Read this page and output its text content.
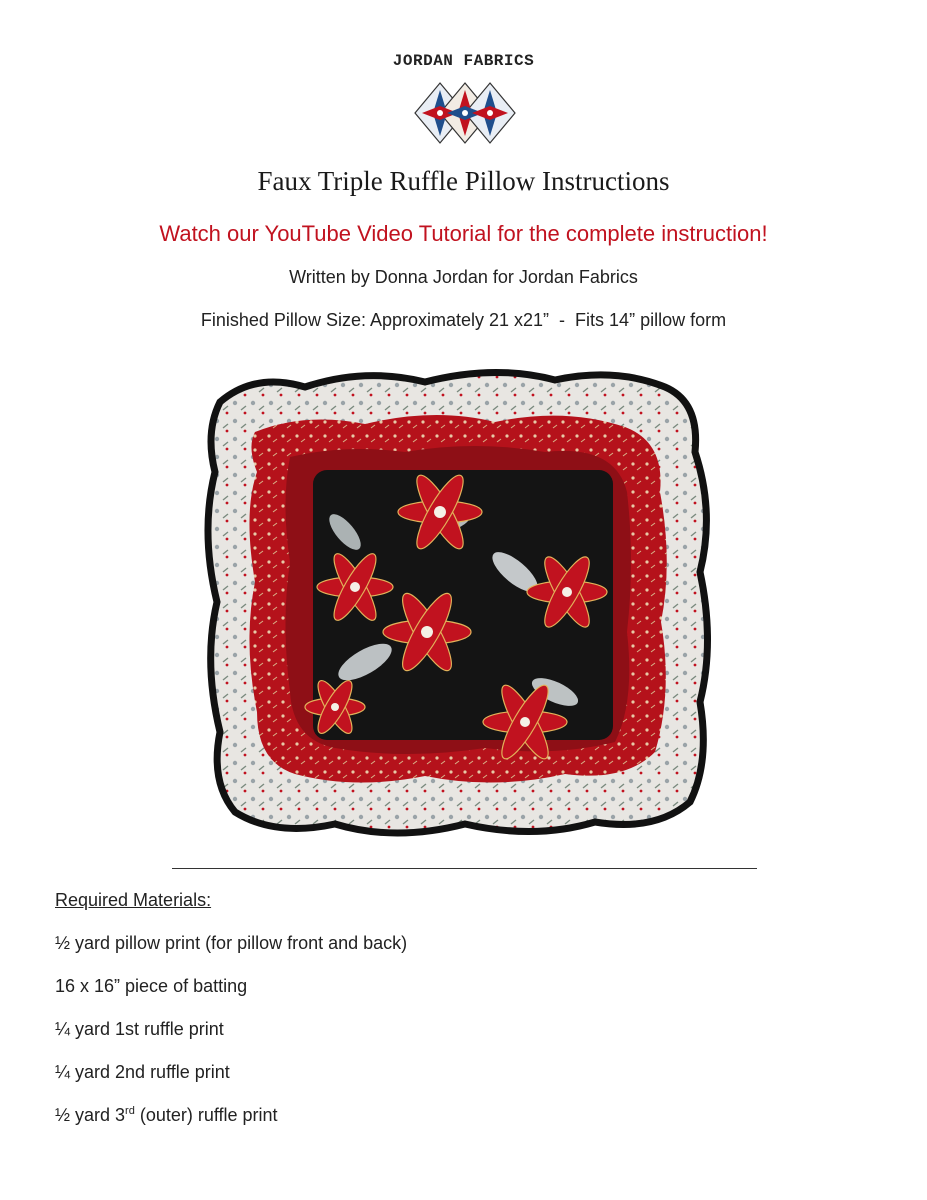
JORDAN FABRICS
Faux Triple Ruffle Pillow Instructions
Watch our YouTube Video Tutorial for the complete instruction!
Written by Donna Jordan for Jordan Fabrics
Finished Pillow Size: Approximately 21 x21”  -  Fits 14” pillow form
Required Materials:
½ yard pillow print (for pillow front and back)
16 x 16” piece of batting
¼ yard 1st ruffle print
¼ yard 2nd ruffle print
½ yard 3rd (outer) ruffle print
